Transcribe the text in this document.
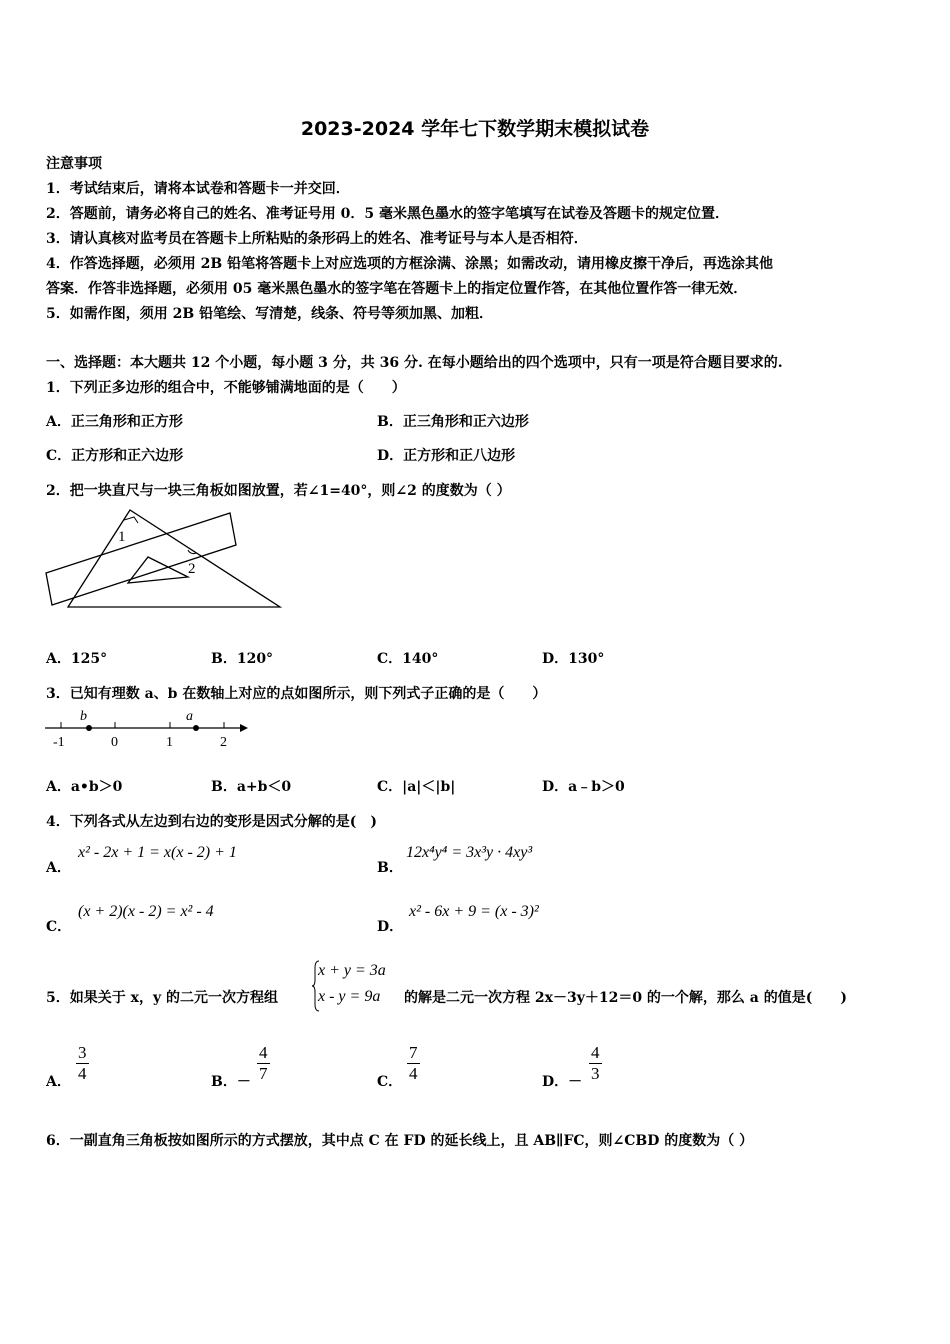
2023-2024 学年七下数学期末模拟试卷
注意事项
1．考试结束后，请将本试卷和答题卡一并交回．
2．答题前，请务必将自己的姓名、准考证号用 0．5 毫米黑色墨水的签字笔填写在试卷及答题卡的规定位置．
3．请认真核对监考员在答题卡上所粘贴的条形码上的姓名、准考证号与本人是否相符．
4．作答选择题，必须用 2B 铅笔将答题卡上对应选项的方框涂满、涂黑；如需改动，请用橡皮擦干净后，再选涂其他
答案．作答非选择题，必须用 05 毫米黑色墨水的签字笔在答题卡上的指定位置作答，在其他位置作答一律无效．
5．如需作图，须用 2B 铅笔绘、写清楚，线条、符号等须加黑、加粗．
一、选择题：本大题共 12 个小题，每小题 3 分，共 36 分. 在每小题给出的四个选项中，只有一项是符合题目要求的.
1．下列正多边形的组合中，不能够铺满地面的是（　　）
A．正三角形和正方形	B．正三角形和正六边形
C．正方形和正六边形	D．正方形和正八边形
2．把一块直尺与一块三角板如图放置，若∠1=40°，则∠2 的度数为（ ）
1
2
A．125°	B．120°	C．140°	D．130°
3．已知有理数 a、b 在数轴上对应的点如图所示，则下列式子正确的是（　　）
b	a
-1	0	1	2
A．a•b＞0	B．a+b＜0	C．|a|＜|b|	D．a﹣b＞0
4．下列各式从左边到右边的变形是因式分解的是(　)
A．
x² - 2x + 1 = x(x - 2) + 1
B．
12x⁴y⁴ = 3x³y · 4xy³
C．
(x + 2)(x - 2) = x² - 4
D．
x² - 6x + 9 = (x - 3)²
5．如果关于 x，y 的二元一次方程组
x + y = 3a
x - y = 9a	的解是二元一次方程 2x－3y＋12＝0 的一个解，那么 a 的值是(　　)
A． $\frac{3}{4}$	B．－ $\frac{4}{7}$	C． $\frac{7}{4}$	D．－ $\frac{4}{3}$
6．一副直角三角板按如图所示的方式摆放，其中点 C 在 FD 的延长线上，且 AB∥FC，则∠CBD 的度数为（ ）
